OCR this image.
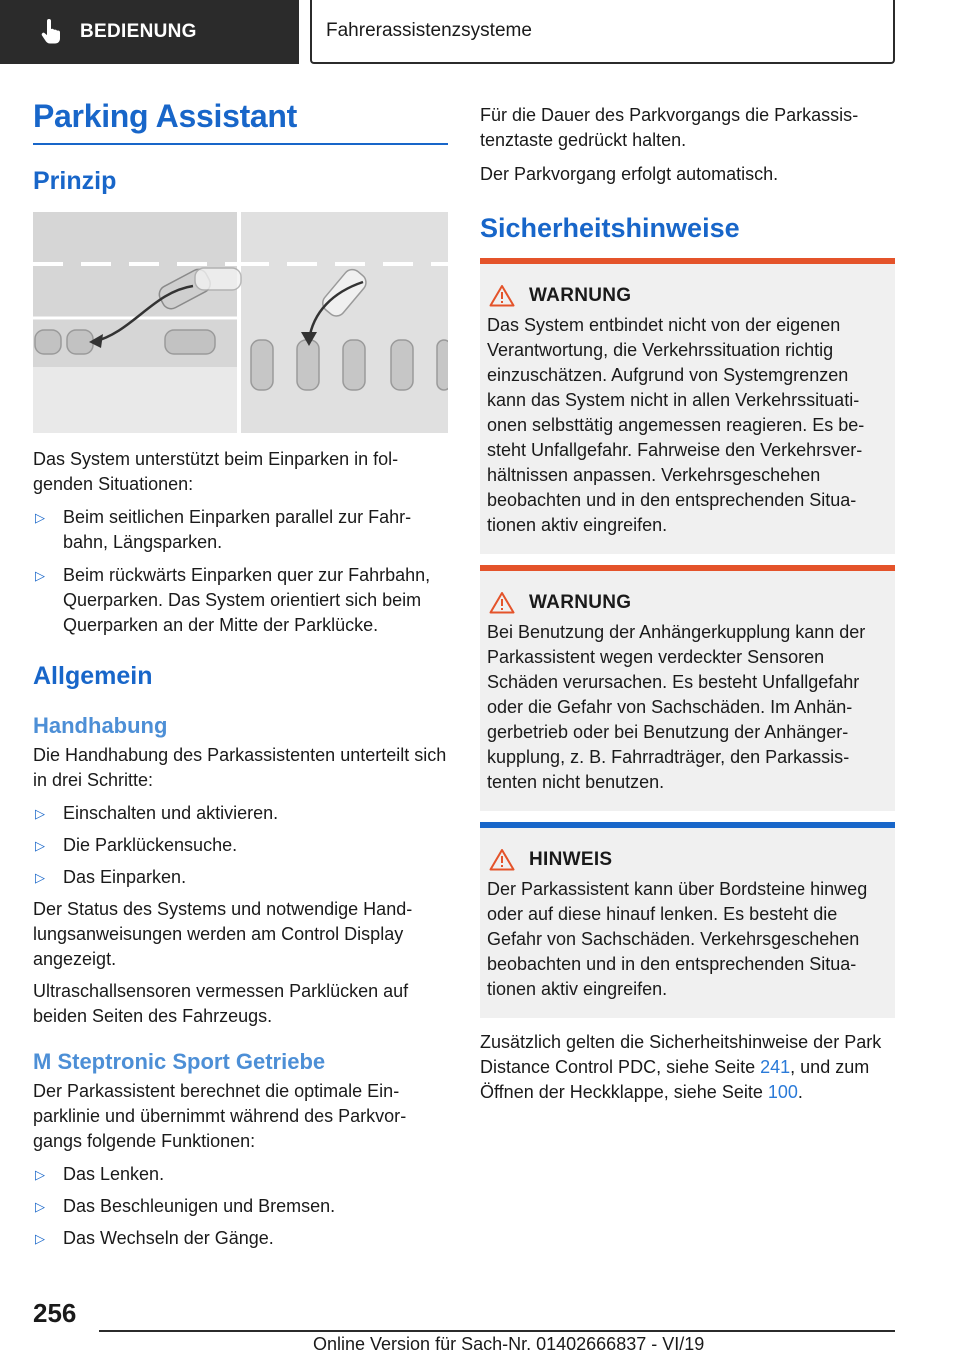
BEDIENUNG	Fahrerassistenzsysteme
Parking Assistant
Prinzip

Das System unterstützt beim Einparken in folgenden Situationen:

▷	Beim seitlichen Einparken parallel zur Fahrbahn, Längsparken.
▷	Beim rückwärts Einparken quer zur Fahrbahn, Querparken. Das System orientiert sich beim Querparken an der Mitte der Parklücke.
Allgemein
Handhabung

Die Handhabung des Parkassistenten unterteilt sich in drei Schritte:

▷	Einschalten und aktivieren.
▷	Die Parklückensuche.
▷	Das Einparken.

Der Status des Systems und notwendige Handlungsanweisungen werden am Control Display angezeigt.

Ultraschallsensoren vermessen Parklücken auf beiden Seiten des Fahrzeugs.

M Steptronic Sport Getriebe

Der Parkassistent berechnet die optimale Einparklinie und übernimmt während des Parkvorgangs folgende Funktionen:

▷	Das Lenken.
▷	Das Beschleunigen und Bremsen.
▷	Das Wechseln der Gänge.

Für die Dauer des Parkvorgangs die Parkassistenztaste gedrückt halten.

Der Parkvorgang erfolgt automatisch.

Sicherheitshinweise
WARNUNG

Das System entbindet nicht von der eigenen Verantwortung, die Verkehrssituation richtig einzuschätzen. Aufgrund von Systemgrenzen kann das System nicht in allen Verkehrssituationen selbsttätig angemessen reagieren. Es besteht Unfallgefahr. Fahrweise den Verkehrsverhältnissen anpassen. Verkehrsgeschehen beobachten und in den entsprechenden Situationen aktiv eingreifen.

WARNUNG

Bei Benutzung der Anhängerkupplung kann der Parkassistent wegen verdeckter Sensoren Schäden verursachen. Es besteht Unfallgefahr oder die Gefahr von Sachschäden. Im Anhängerbetrieb oder bei Benutzung der Anhängerkupplung, z. B. Fahrradträger, den Parkassistenten nicht benutzen.

HINWEIS

Der Parkassistent kann über Bordsteine hinweg oder auf diese hinauf lenken. Es besteht die Gefahr von Sachschäden. Verkehrsgeschehen beobachten und in den entsprechenden Situationen aktiv eingreifen.

Zusätzlich gelten die Sicherheitshinweise der Park Distance Control PDC, siehe Seite 241, und zum Öffnen der Heckklappe, siehe Seite 100.

256
Online Version für Sach-Nr. 01402666837 - VI/19
